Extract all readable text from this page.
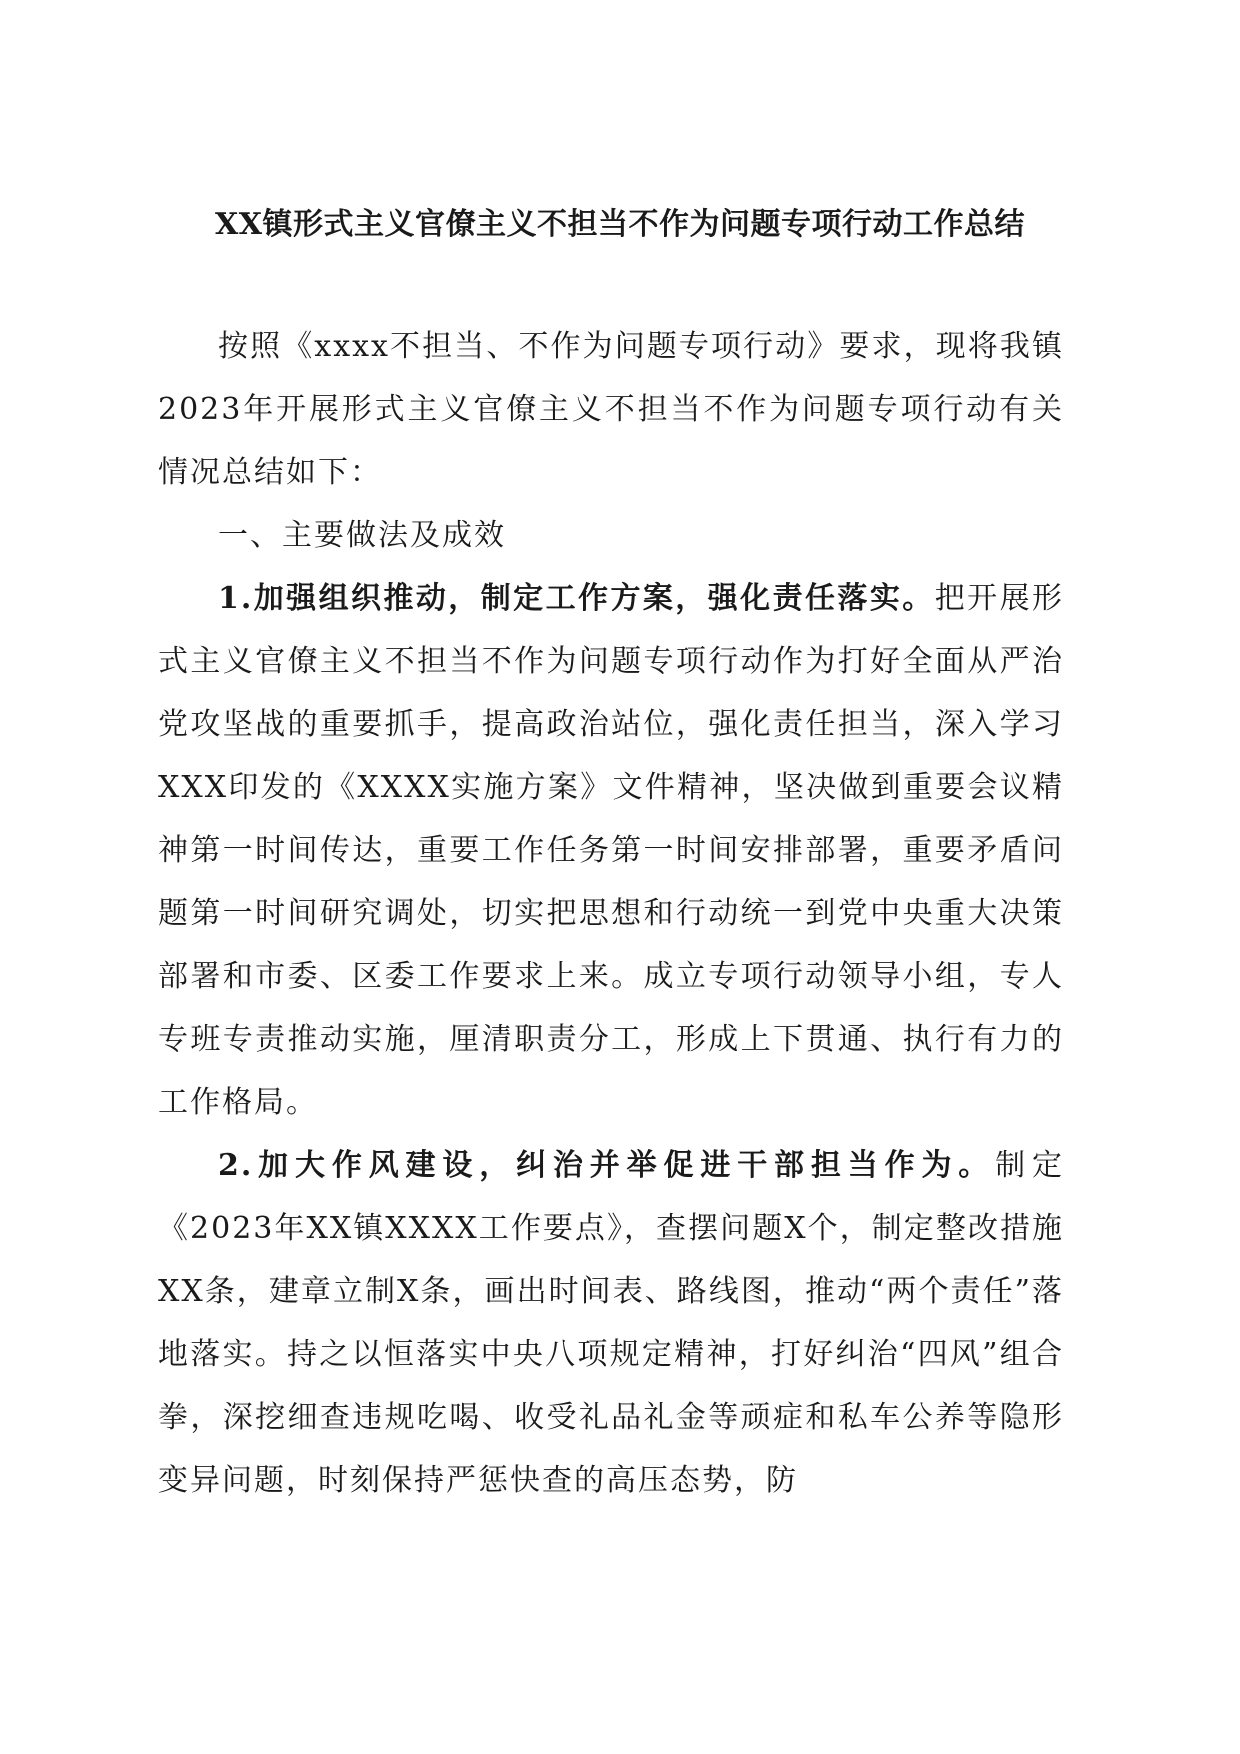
XX镇形式主义官僚主义不担当不作为问题专项行动工作总结

按照《xxxx不担当、不作为问题专项行动》要求，现将我镇2023年开展形式主义官僚主义不担当不作为问题专项行动有关情况总结如下：

一、主要做法及成效

1.加强组织推动，制定工作方案，强化责任落实。把开展形式主义官僚主义不担当不作为问题专项行动作为打好全面从严治党攻坚战的重要抓手，提高政治站位，强化责任担当，深入学习XXX印发的《XXXX实施方案》文件精神，坚决做到重要会议精神第一时间传达，重要工作任务第一时间安排部署，重要矛盾问题第一时间研究调处，切实把思想和行动统一到党中央重大决策部署和市委、区委工作要求上来。成立专项行动领导小组，专人专班专责推动实施，厘清职责分工，形成上下贯通、执行有力的工作格局。

2.加大作风建设，纠治并举促进干部担当作为。制定《2023年XX镇XXXX工作要点》，查摆问题X个，制定整改措施XX条，建章立制X条，画出时间表、路线图，推动“两个责任”落地落实。持之以恒落实中央八项规定精神，打好纠治“四风”组合拳，深挖细查违规吃喝、收受礼品礼金等顽症和私车公养等隐形变异问题，时刻保持严惩快查的高压态势，防
